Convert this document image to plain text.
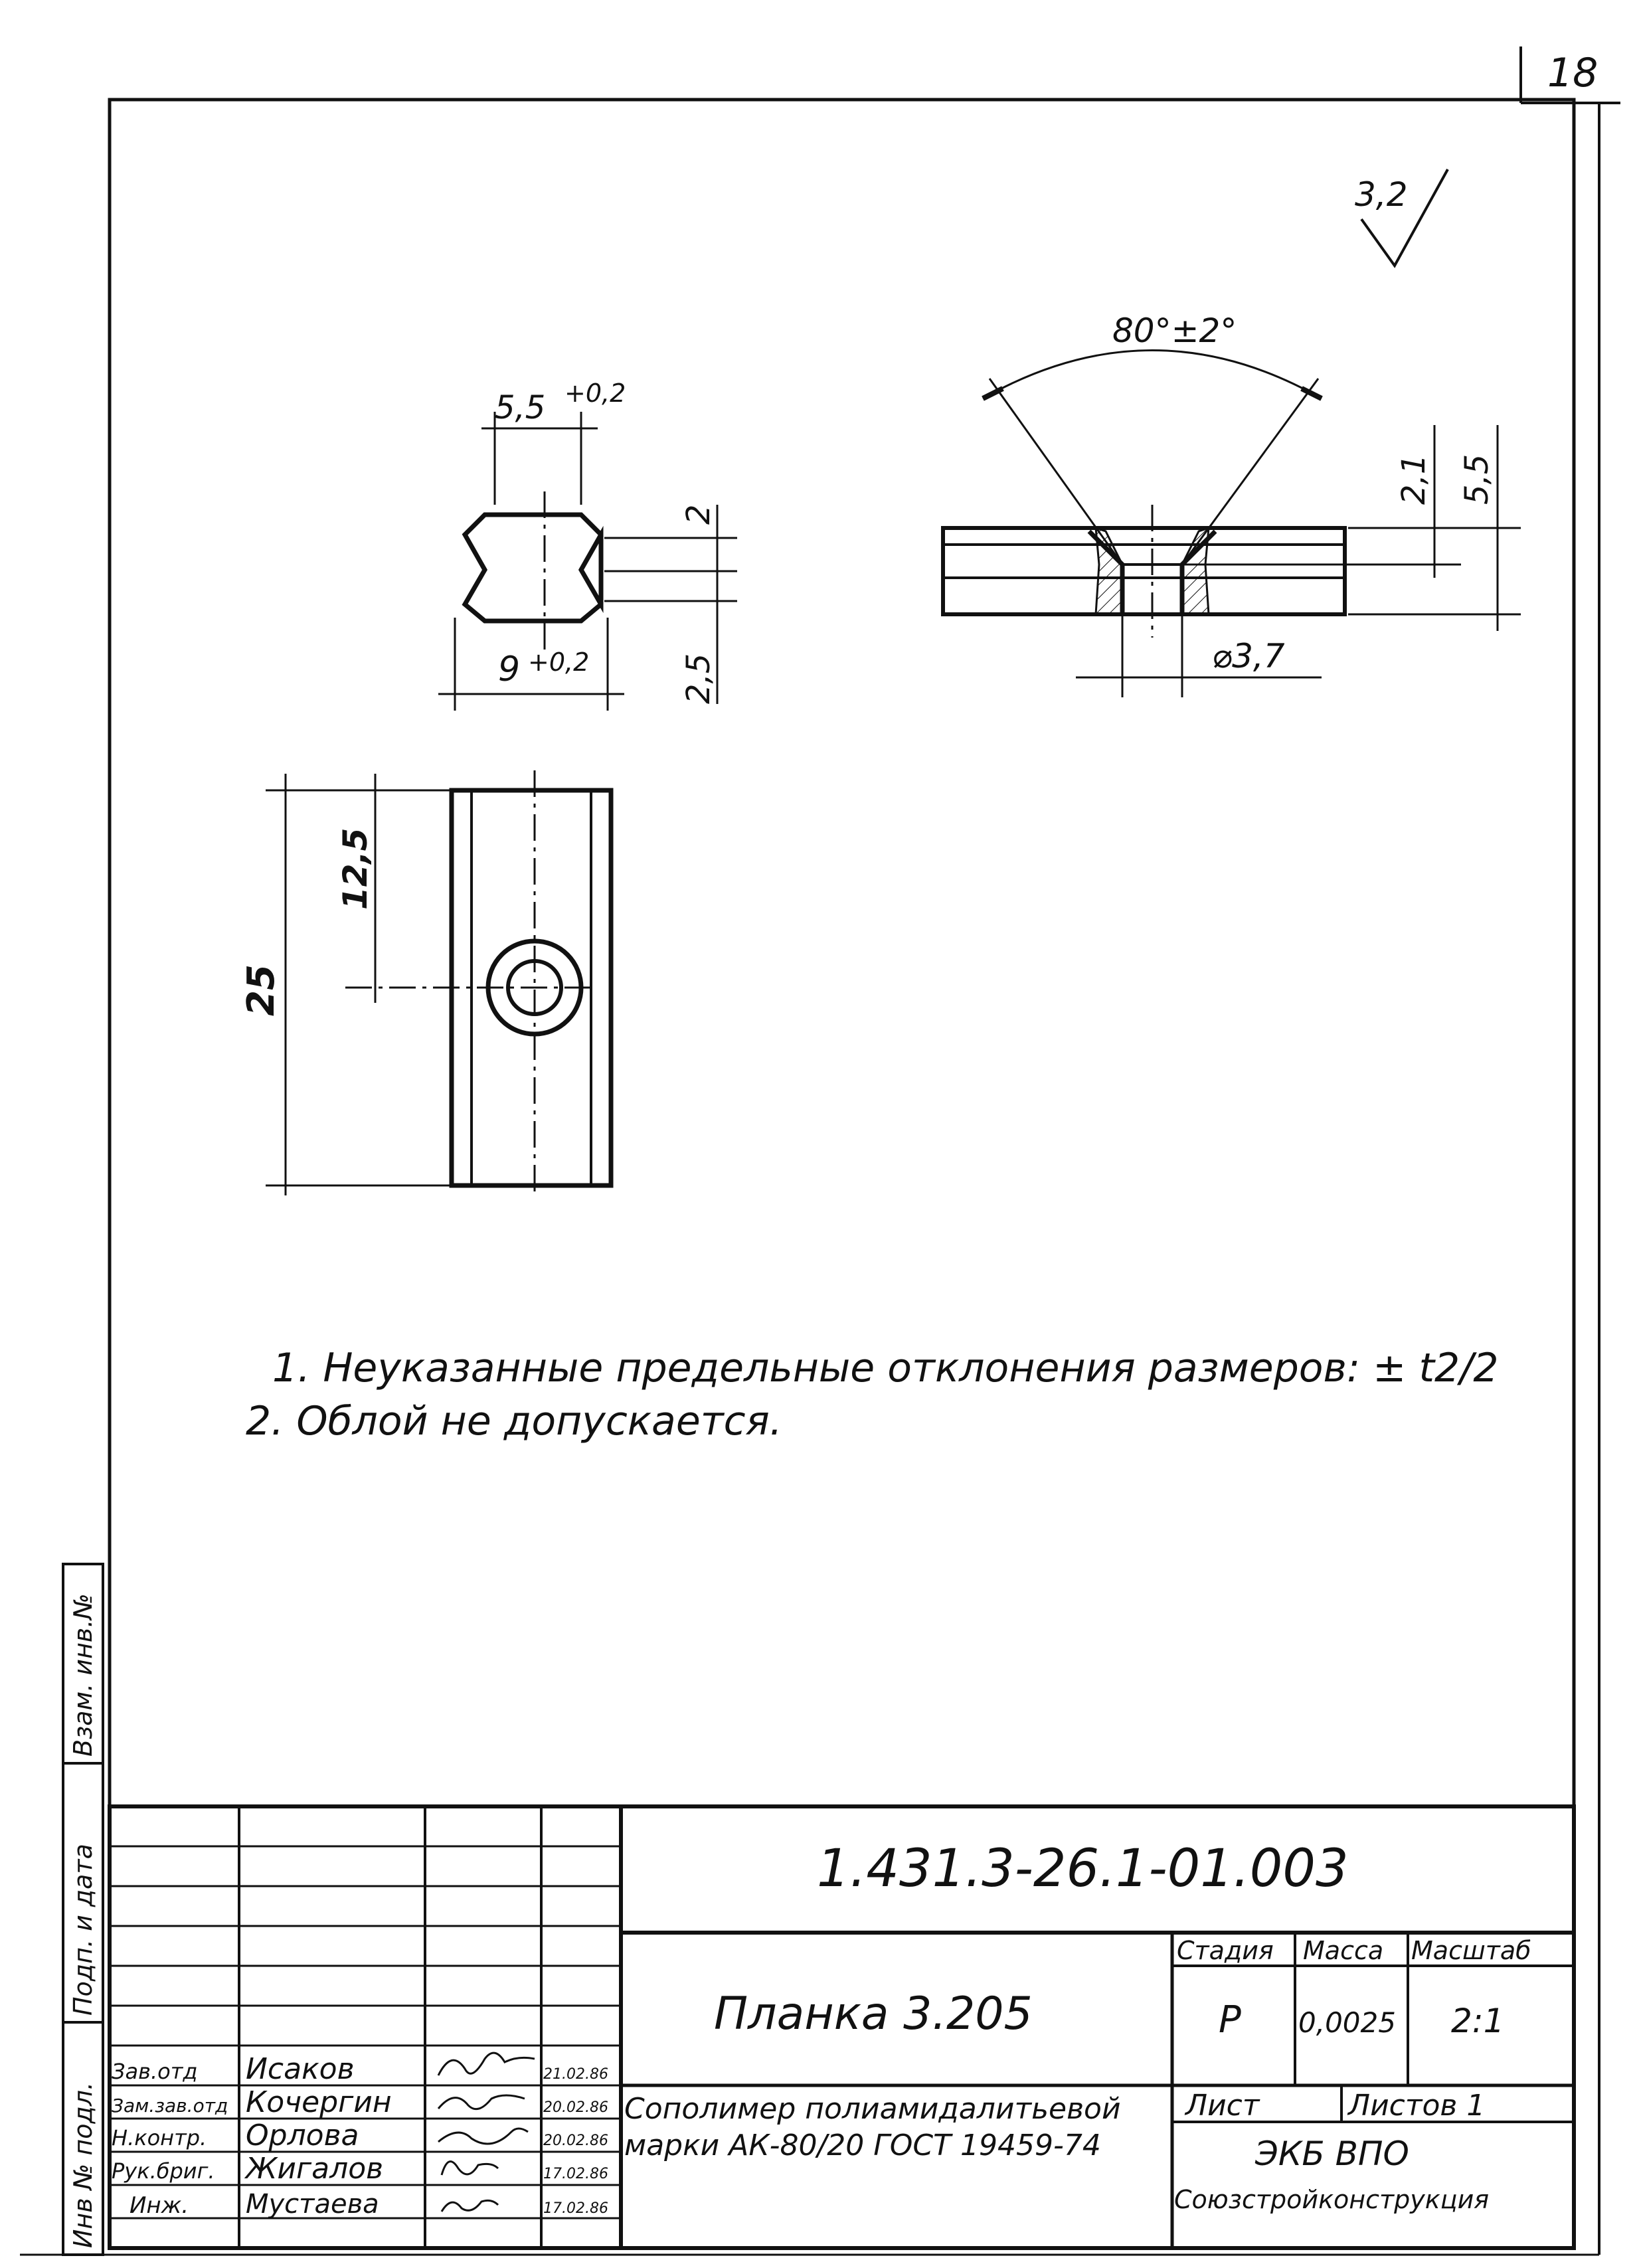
18
Инв № подл.
Подп. и дата
Взам. инв.№
3,2
5,5 +0,2
9 +0,2
2
2,5
80°±2°
2,1 5,5
⌀3,7
12,5
25
1. Неуказанные предельные отклонения размеров: ± t2/2
2. Облой не допускается.
1.431.3-26.1-01.003
Планка 3.205
Сополимер полиамидалитьевой
марки АК-80/20 ГОСТ 19459-74
Стадия Масса Масштаб
Р 0,0025 2:1
Лист	Листов 1
ЭКБ ВПО
Союзстройконструкция
Зав.отд Исаков	21.02.86
Зам.зав.отд Кочергин	20.02.86
Н.контр. Орлова	20.02.86
Рук.бриг. Жигалов	17.02.86
Инж. Мустаева	17.02.86
